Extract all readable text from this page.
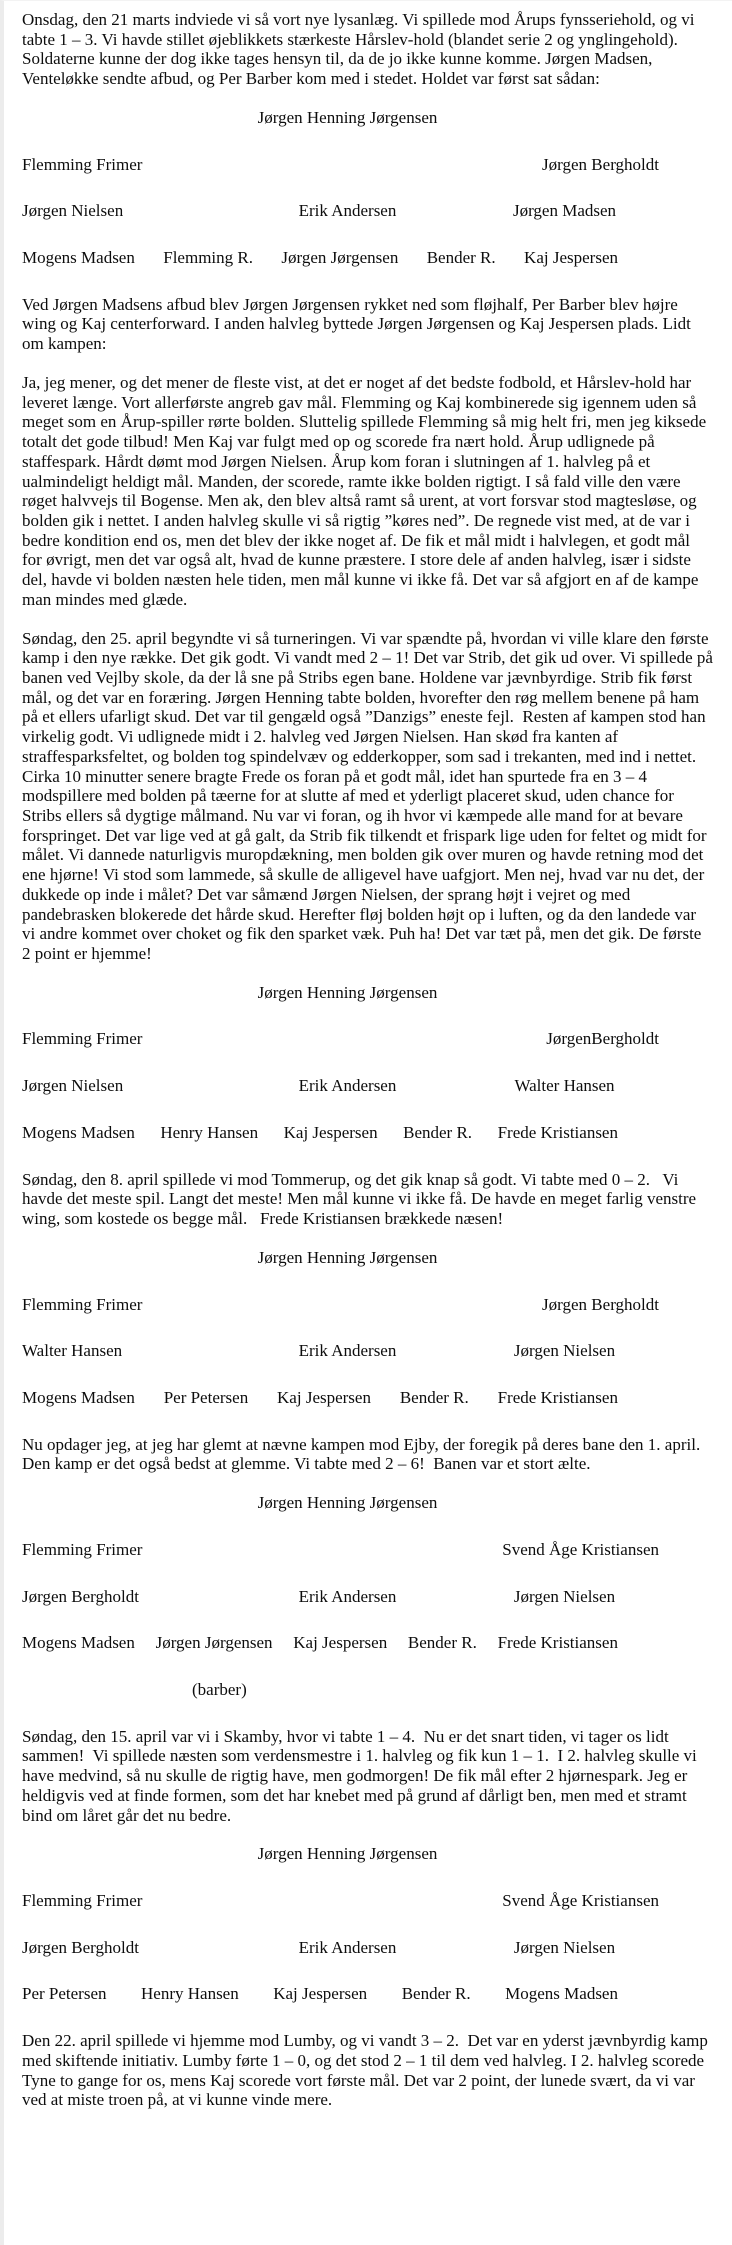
Onsdag, den 21 marts indviede vi så vort nye lysanlæg. Vi spillede mod Årups fynsseriehold, og vi tabte 1 – 3. Vi havde stillet øjeblikkets stærkeste Hårslev-hold (blandet serie 2 og ynglingehold). Soldaterne kunne der dog ikke tages hensyn til, da de jo ikke kunne komme. Jørgen Madsen, Venteløkke sendte afbud, og Per Barber kom med i stedet. Holdet var først sat sådan:

Jørgen Henning Jørgensen
Flemming Frimer	Jørgen Bergholdt
Jørgen Nielsen	Erik Andersen	Jørgen Madsen
Mogens Madsen Flemming R. Jørgen Jørgensen Bender R. Kaj Jespersen

Ved Jørgen Madsens afbud blev Jørgen Jørgensen rykket ned som fløjhalf, Per Barber blev højre wing og Kaj centerforward. I anden halvleg byttede Jørgen Jørgensen og Kaj Jespersen plads. Lidt om kampen:

Ja, jeg mener, og det mener de fleste vist, at det er noget af det bedste fodbold, et Hårslev-hold har leveret længe. Vort allerførste angreb gav mål. Flemming og Kaj kombinerede sig igennem uden så meget som en Årup-spiller rørte bolden. Sluttelig spillede Flemming så mig helt fri, men jeg kiksede totalt det gode tilbud! Men Kaj var fulgt med op og scorede fra nært hold. Årup udlignede på staffespark. Hårdt dømt mod Jørgen Nielsen. Årup kom foran i slutningen af 1. halvleg på et ualmindeligt heldigt mål. Manden, der scorede, ramte ikke bolden rigtigt. I så fald ville den være røget halvvejs til Bogense. Men ak, den blev altså ramt så urent, at vort forsvar stod magtesløse, og bolden gik i nettet. I anden halvleg skulle vi så rigtig ”køres ned”. De regnede vist med, at de var i bedre kondition end os, men det blev der ikke noget af. De fik et mål midt i halvlegen, et godt mål for øvrigt, men det var også alt, hvad de kunne præstere. I store dele af anden halvleg, især i sidste del, havde vi bolden næsten hele tiden, men mål kunne vi ikke få. Det var så afgjort en af de kampe man mindes med glæde.

Søndag, den 25. april begyndte vi så turneringen. Vi var spændte på, hvordan vi ville klare den første kamp i den nye række. Det gik godt. Vi vandt med 2 – 1! Det var Strib, det gik ud over. Vi spillede på banen ved Vejlby skole, da der lå sne på Stribs egen bane. Holdene var jævnbyrdige. Strib fik først mål, og det var en foræring. Jørgen Henning tabte bolden, hvorefter den røg mellem benene på ham på et ellers ufarligt skud. Det var til gengæld også ”Danzigs” eneste fejl.  Resten af kampen stod han virkelig godt. Vi udlignede midt i 2. halvleg ved Jørgen Nielsen. Han skød fra kanten af straffesparksfeltet, og bolden tog spindelvæv og edderkopper, som sad i trekanten, med ind i nettet. Cirka 10 minutter senere bragte Frede os foran på et godt mål, idet han spurtede fra en 3 – 4 modspillere med bolden på tæerne for at slutte af med et yderligt placeret skud, uden chance for Stribs ellers så dygtige målmand. Nu var vi foran, og ih hvor vi kæmpede alle mand for at bevare forspringet. Det var lige ved at gå galt, da Strib fik tilkendt et frispark lige uden for feltet og midt for målet. Vi dannede naturligvis muropdækning, men bolden gik over muren og havde retning mod det ene hjørne! Vi stod som lammede, så skulle de alligevel have uafgjort. Men nej, hvad var nu det, der dukkede op inde i målet? Det var såmænd Jørgen Nielsen, der sprang højt i vejret og med pandebrasken blokerede det hårde skud. Herefter fløj bolden højt op i luften, og da den landede var vi andre kommet over choket og fik den sparket væk. Puh ha! Det var tæt på, men det gik. De første 2 point er hjemme!

Jørgen Henning Jørgensen
Flemming Frimer	JørgenBergholdt
Jørgen Nielsen	Erik Andersen	Walter Hansen
Mogens Madsen Henry Hansen Kaj Jespersen Bender R. Frede Kristiansen

Søndag, den 8. april spillede vi mod Tommerup, og det gik knap så godt. Vi tabte med 0 – 2.   Vi havde det meste spil. Langt det meste! Men mål kunne vi ikke få. De havde en meget farlig venstre wing, som kostede os begge mål.   Frede Kristiansen brækkede næsen!

Jørgen Henning Jørgensen
Flemming Frimer	Jørgen Bergholdt
Walter Hansen	Erik Andersen	Jørgen Nielsen
Mogens Madsen Per Petersen Kaj Jespersen Bender R. Frede Kristiansen

Nu opdager jeg, at jeg har glemt at nævne kampen mod Ejby, der foregik på deres bane den 1. april. Den kamp er det også bedst at glemme. Vi tabte med 2 – 6!  Banen var et stort ælte.

Jørgen Henning Jørgensen
Flemming Frimer	Svend Åge Kristiansen
Jørgen Bergholdt	Erik Andersen	Jørgen Nielsen
Mogens Madsen Jørgen Jørgensen Kaj Jespersen Bender R. Frede Kristiansen
(barber)

Søndag, den 15. april var vi i Skamby, hvor vi tabte 1 – 4.  Nu er det snart tiden, vi tager os lidt sammen!  Vi spillede næsten som verdensmestre i 1. halvleg og fik kun 1 – 1.  I 2. halvleg skulle vi have medvind, så nu skulle de rigtig have, men godmorgen! De fik mål efter 2 hjørnespark. Jeg er heldigvis ved at finde formen, som det har knebet med på grund af dårligt ben, men med et stramt bind om låret går det nu bedre.

Jørgen Henning Jørgensen
Flemming Frimer	Svend Åge Kristiansen
Jørgen Bergholdt	Erik Andersen	Jørgen Nielsen
Per Petersen Henry Hansen Kaj Jespersen Bender R. Mogens Madsen

Den 22. april spillede vi hjemme mod Lumby, og vi vandt 3 – 2.  Det var en yderst jævnbyrdig kamp med skiftende initiativ. Lumby førte 1 – 0, og det stod 2 – 1 til dem ved halvleg. I 2. halvleg scorede Tyne to gange for os, mens Kaj scorede vort første mål. Det var 2 point, der lunede svært, da vi var ved at miste troen på, at vi kunne vinde mere.
